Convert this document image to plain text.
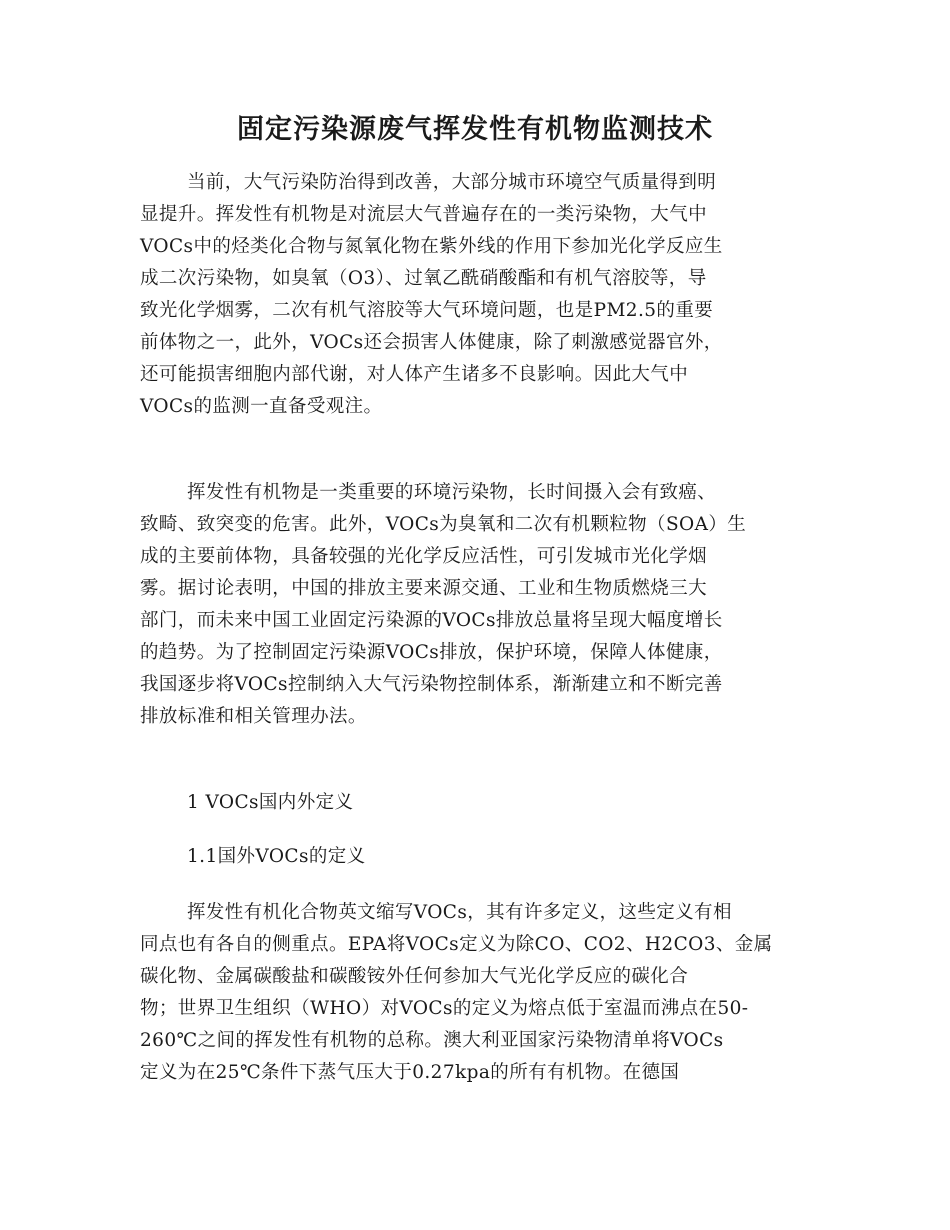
固定污染源废气挥发性有机物监测技术
当前，大气污染防治得到改善，大部分城市环境空气质量得到明
显提升。挥发性有机物是对流层大气普遍存在的一类污染物，大气中
VOCs中的烃类化合物与氮氧化物在紫外线的作用下参加光化学反应生
成二次污染物，如臭氧（O3）、过氧乙酰硝酸酯和有机气溶胶等，导
致光化学烟雾，二次有机气溶胶等大气环境问题，也是PM2.5的重要
前体物之一，此外，VOCs还会损害人体健康，除了刺激感觉器官外，
还可能损害细胞内部代谢，对人体产生诸多不良影响。因此大气中
VOCs的监测一直备受观注。
挥发性有机物是一类重要的环境污染物，长时间摄入会有致癌、
致畸、致突变的危害。此外，VOCs为臭氧和二次有机颗粒物（SOA）生
成的主要前体物，具备较强的光化学反应活性，可引发城市光化学烟
雾。据讨论表明，中国的排放主要来源交通、工业和生物质燃烧三大
部门，而未来中国工业固定污染源的VOCs排放总量将呈现大幅度增长
的趋势。为了控制固定污染源VOCs排放，保护环境，保障人体健康，
我国逐步将VOCs控制纳入大气污染物控制体系，渐渐建立和不断完善
排放标准和相关管理办法。
1 VOCs国内外定义
1.1国外VOCs的定义
挥发性有机化合物英文缩写VOCs，其有许多定义，这些定义有相
同点也有各自的侧重点。EPA将VOCs定义为除CO、CO2、H2CO3、金属
碳化物、金属碳酸盐和碳酸铵外任何参加大气光化学反应的碳化合
物；世界卫生组织（WHO）对VOCs的定义为熔点低于室温而沸点在50-
260℃之间的挥发性有机物的总称。澳大利亚国家污染物清单将VOCs
定义为在25℃条件下蒸气压大于0.27kpa的所有有机物。在德国
